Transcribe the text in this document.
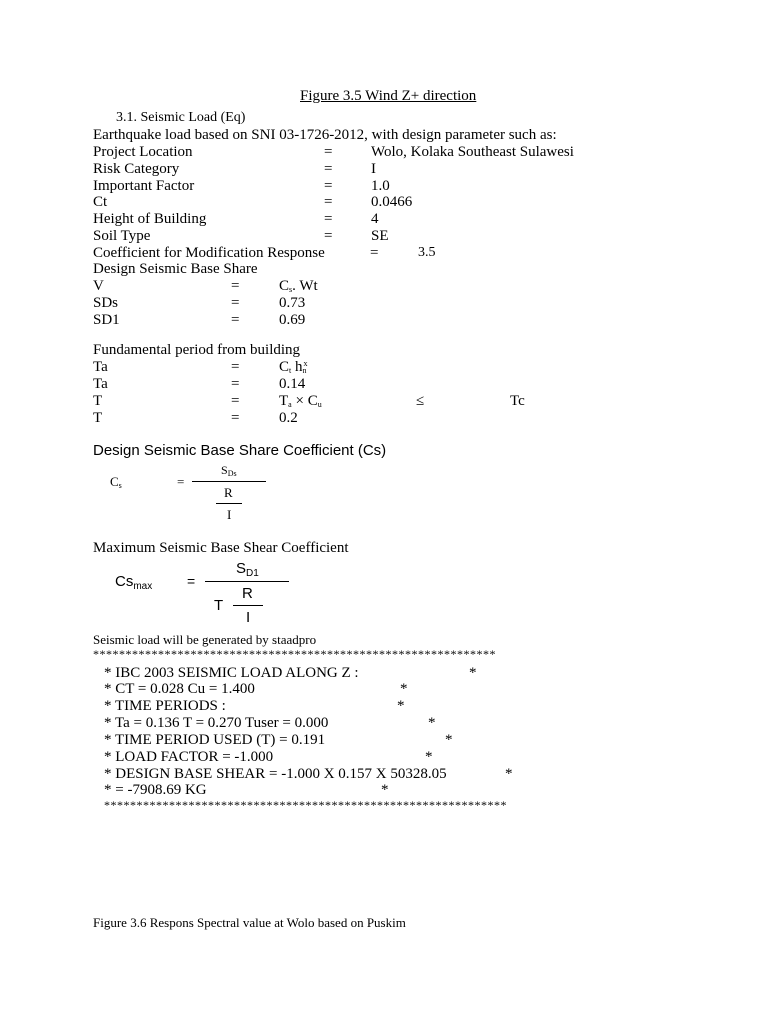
Figure 3.5 Wind Z+ direction
3.1. Seismic Load (Eq)
Earthquake load based on SNI 03-1726-2012, with design parameter such as:
Project Location	=	Wolo, Kolaka Southeast Sulawesi
Risk Category	=	I
Important Factor	=	1.0
Ct	=	0.0466
Height of Building	=	4
Soil Type	=	SE
Coefficient for Modification Response	=	3.5
Design Seismic Base Share
V	=	$C_s$. Wt
SDs	=	0.73
SD1	=	0.69
Fundamental period from building
Ta	=	$C_t$ $h_n^x$
Ta	=	0.14
T	=	$T_a \times C_u$	≤	Tc
T	=	0.2
Design Seismic Base Share Coefficient (Cs)
$C_s$	=
$S_{Ds}$
R
I
Maximum Seismic Base Shear Coefficient
$Cs_{max}$ =
$S_{D1}$
T
R
I
Seismic load will be generated by staadpro
**************************************************************
* IBC 2003 SEISMIC LOAD ALONG Z :	*
* CT = 0.028 Cu = 1.400	*
* TIME PERIODS :	*
* Ta = 0.136 T = 0.270 Tuser = 0.000	*
* TIME PERIOD USED (T) = 0.191	*
* LOAD FACTOR = -1.000	*
* DESIGN BASE SHEAR = -1.000 X 0.157 X 50328.05	*
* = -7908.69 KG	*
**************************************************************
Figure 3.6 Respons Spectral value at Wolo based on Puskim
